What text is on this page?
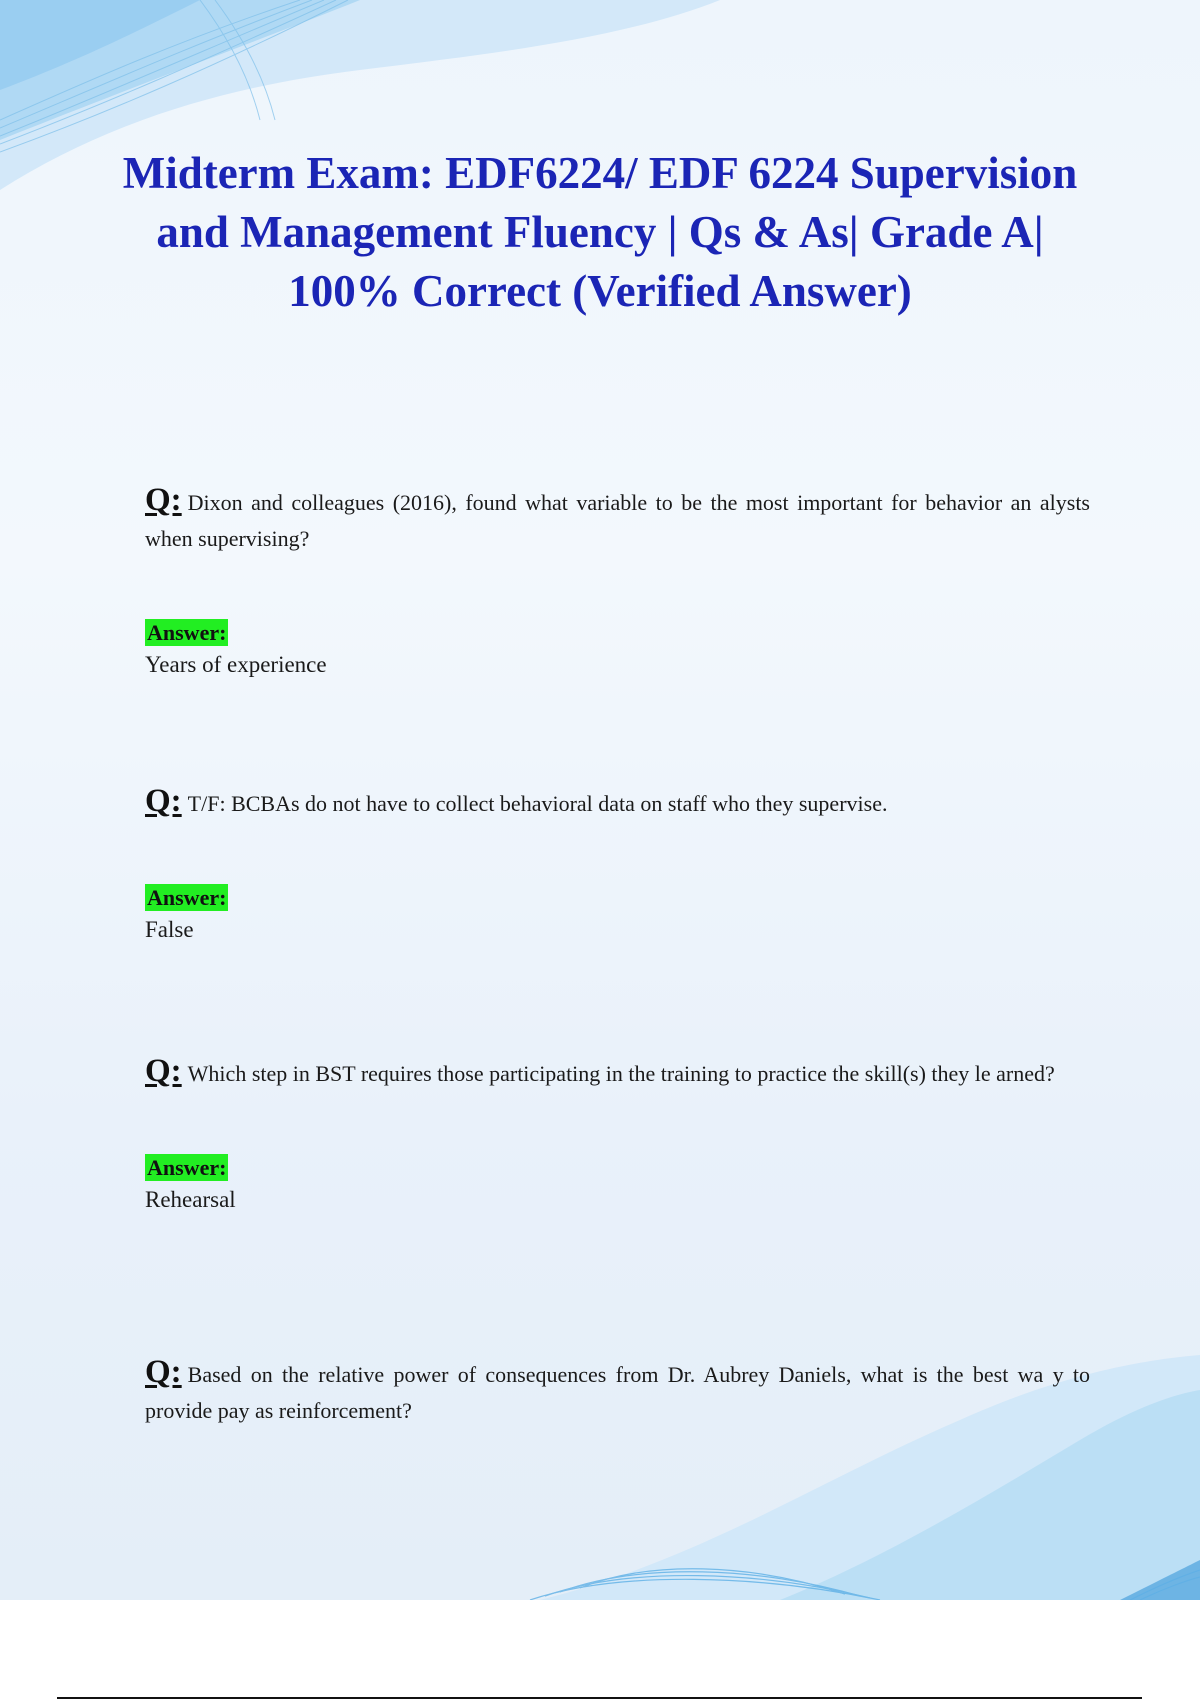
Midterm Exam: EDF6224/ EDF 6224 Supervision and Management Fluency | Qs & As| Grade A| 100% Correct (Verified Answer)

Q: Dixon and colleagues (2016), found what variable to be the most important for behavior an alysts when supervising?

Answer:
Years of experience

Q: T/F: BCBAs do not have to collect behavioral data on staff who they supervise.

Answer:
False

Q: Which step in BST requires those participating in the training to practice the skill(s) they le arned?

Answer:
Rehearsal

Q: Based on the relative power of consequences from Dr. Aubrey Daniels, what is the best wa y to provide pay as reinforcement?
